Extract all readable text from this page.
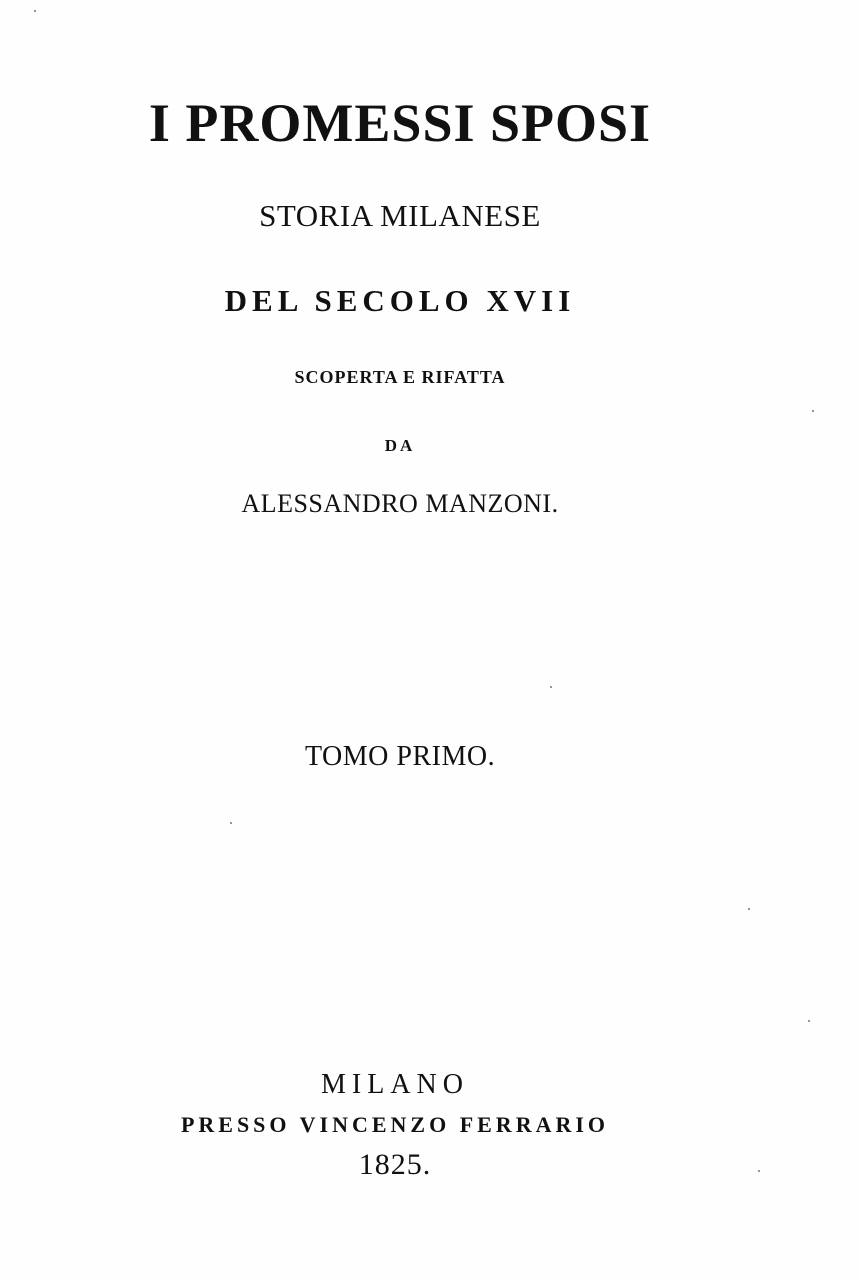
I PROMESSI SPOSI
STORIA MILANESE
DEL SECOLO XVII
SCOPERTA E RIFATTA
DA
ALESSANDRO MANZONI.
TOMO PRIMO.
MILANO
PRESSO VINCENZO FERRARIO
1825.
